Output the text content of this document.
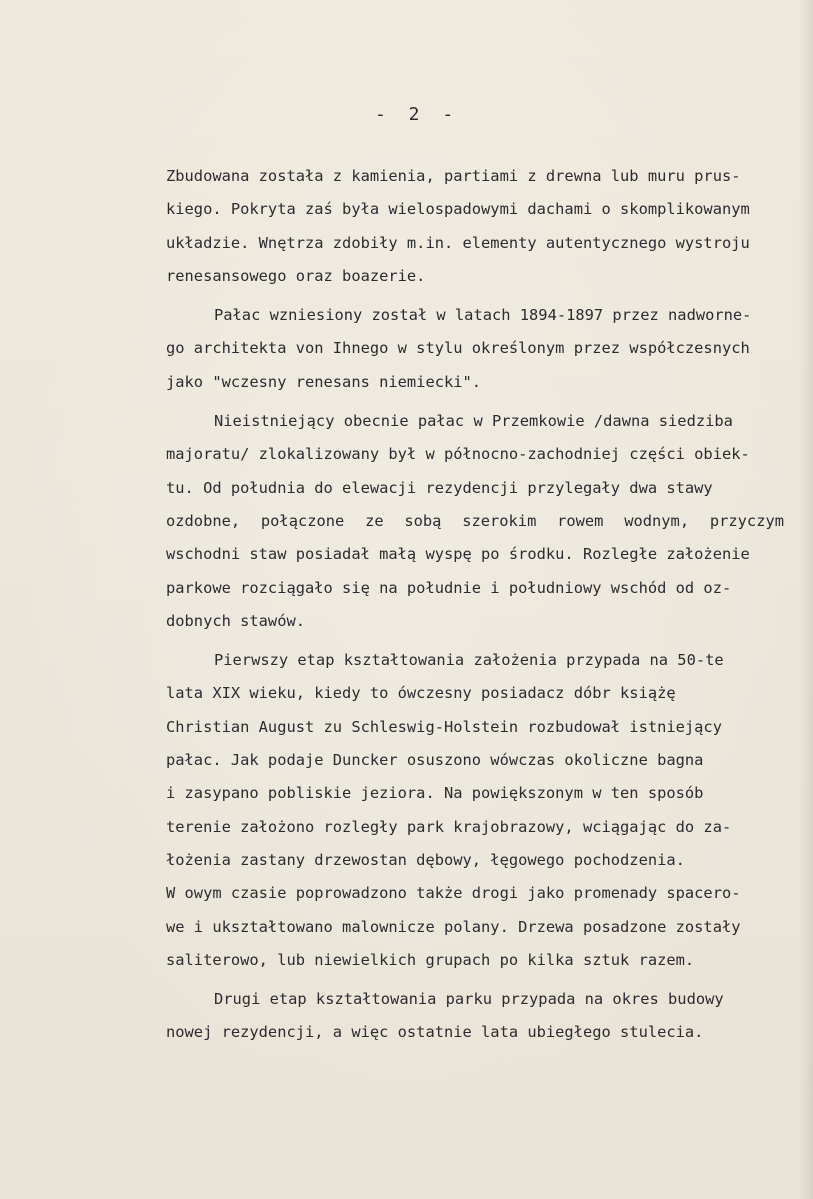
- 2 -
Zbudowana została z kamienia, partiami z drewna lub muru prus-
kiego. Pokryta zaś była wielospadowymi dachami o skomplikowanym
układzie. Wnętrza zdobiły m.in. elementy autentycznego wystroju
renesansowego oraz boazerie.
Pałac wzniesiony został w latach 1894-1897 przez nadworne-
go architekta von Ihnego w stylu określonym przez współczesnych
jako "wczesny renesans niemiecki".
Nieistniejący obecnie pałac w Przemkowie /dawna siedziba
majoratu/ zlokalizowany był w północno-zachodniej części obiek-
tu. Od południa do elewacji rezydencji przylegały dwa stawy
ozdobne, połączone ze sobą szerokim rowem wodnym, przyczym
wschodni staw posiadał małą wyspę po środku. Rozległe założenie
parkowe rozciągało się na południe i południowy wschód od oz-
dobnych stawów.
Pierwszy etap kształtowania założenia przypada na 50-te
lata XIX wieku, kiedy to ówczesny posiadacz dóbr książę
Christian August zu Schleswig-Holstein rozbudował istniejący
pałac. Jak podaje Duncker osuszono wówczas okoliczne bagna
i zasypano pobliskie jeziora. Na powiększonym w ten sposób
terenie założono rozległy park krajobrazowy, wciągając do za-
łożenia zastany drzewostan dębowy, łęgowego pochodzenia.
W owym czasie poprowadzono także drogi jako promenady spacero-
we i ukształtowano malownicze polany. Drzewa posadzone zostały
saliterowo, lub niewielkich grupach po kilka sztuk razem.
Drugi etap kształtowania parku przypada na okres budowy
nowej rezydencji, a więc ostatnie lata ubiegłego stulecia.
